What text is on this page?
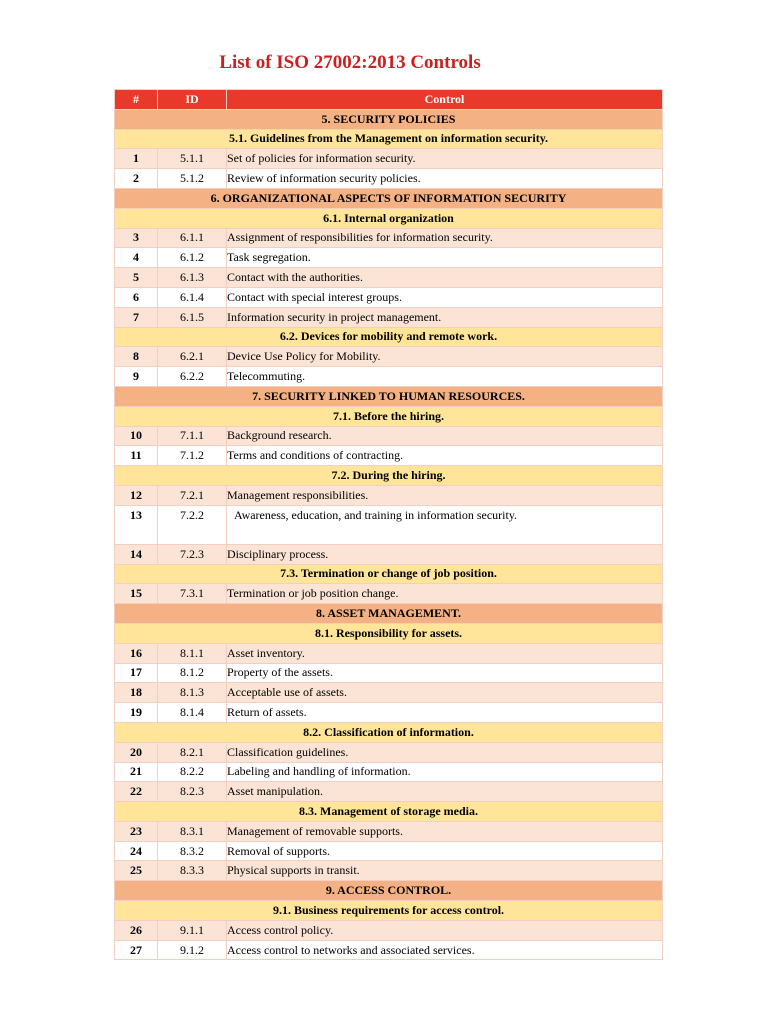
List of ISO 27002:2013 Controls
#	ID	Control
5. SECURITY POLICIES		
5.1. Guidelines from the Management on information security.		
1	5.1.1	Set of policies for information security.
2	5.1.2	Review of information security policies.
6. ORGANIZATIONAL ASPECTS OF INFORMATION SECURITY		
6.1. Internal organization		
3	6.1.1	Assignment of responsibilities for information security.
4	6.1.2	Task segregation.
5	6.1.3	Contact with the authorities.
6	6.1.4	Contact with special interest groups.
7	6.1.5	Information security in project management.
6.2. Devices for mobility and remote work.		
8	6.2.1	Device Use Policy for Mobility.
9	6.2.2	Telecommuting.
7. SECURITY LINKED TO HUMAN RESOURCES.		
7.1. Before the hiring.		
10	7.1.1	Background research.
11	7.1.2	Terms and conditions of contracting.
7.2. During the hiring.		
12	7.2.1	Management responsibilities.
13	7.2.2	Awareness, education, and training in information security.
14	7.2.3	Disciplinary process.
7.3. Termination or change of job position.		
15	7.3.1	Termination or job position change.
8. ASSET MANAGEMENT.		
8.1. Responsibility for assets.		
16	8.1.1	Asset inventory.
17	8.1.2	Property of the assets.
18	8.1.3	Acceptable use of assets.
19	8.1.4	Return of assets.
8.2. Classification of information.		
20	8.2.1	Classification guidelines.
21	8.2.2	Labeling and handling of information.
22	8.2.3	Asset manipulation.
8.3. Management of storage media.		
23	8.3.1	Management of removable supports.
24	8.3.2	Removal of supports.
25	8.3.3	Physical supports in transit.
9. ACCESS CONTROL.		
9.1. Business requirements for access control.		
26	9.1.1	Access control policy.
27	9.1.2	Access control to networks and associated services.
